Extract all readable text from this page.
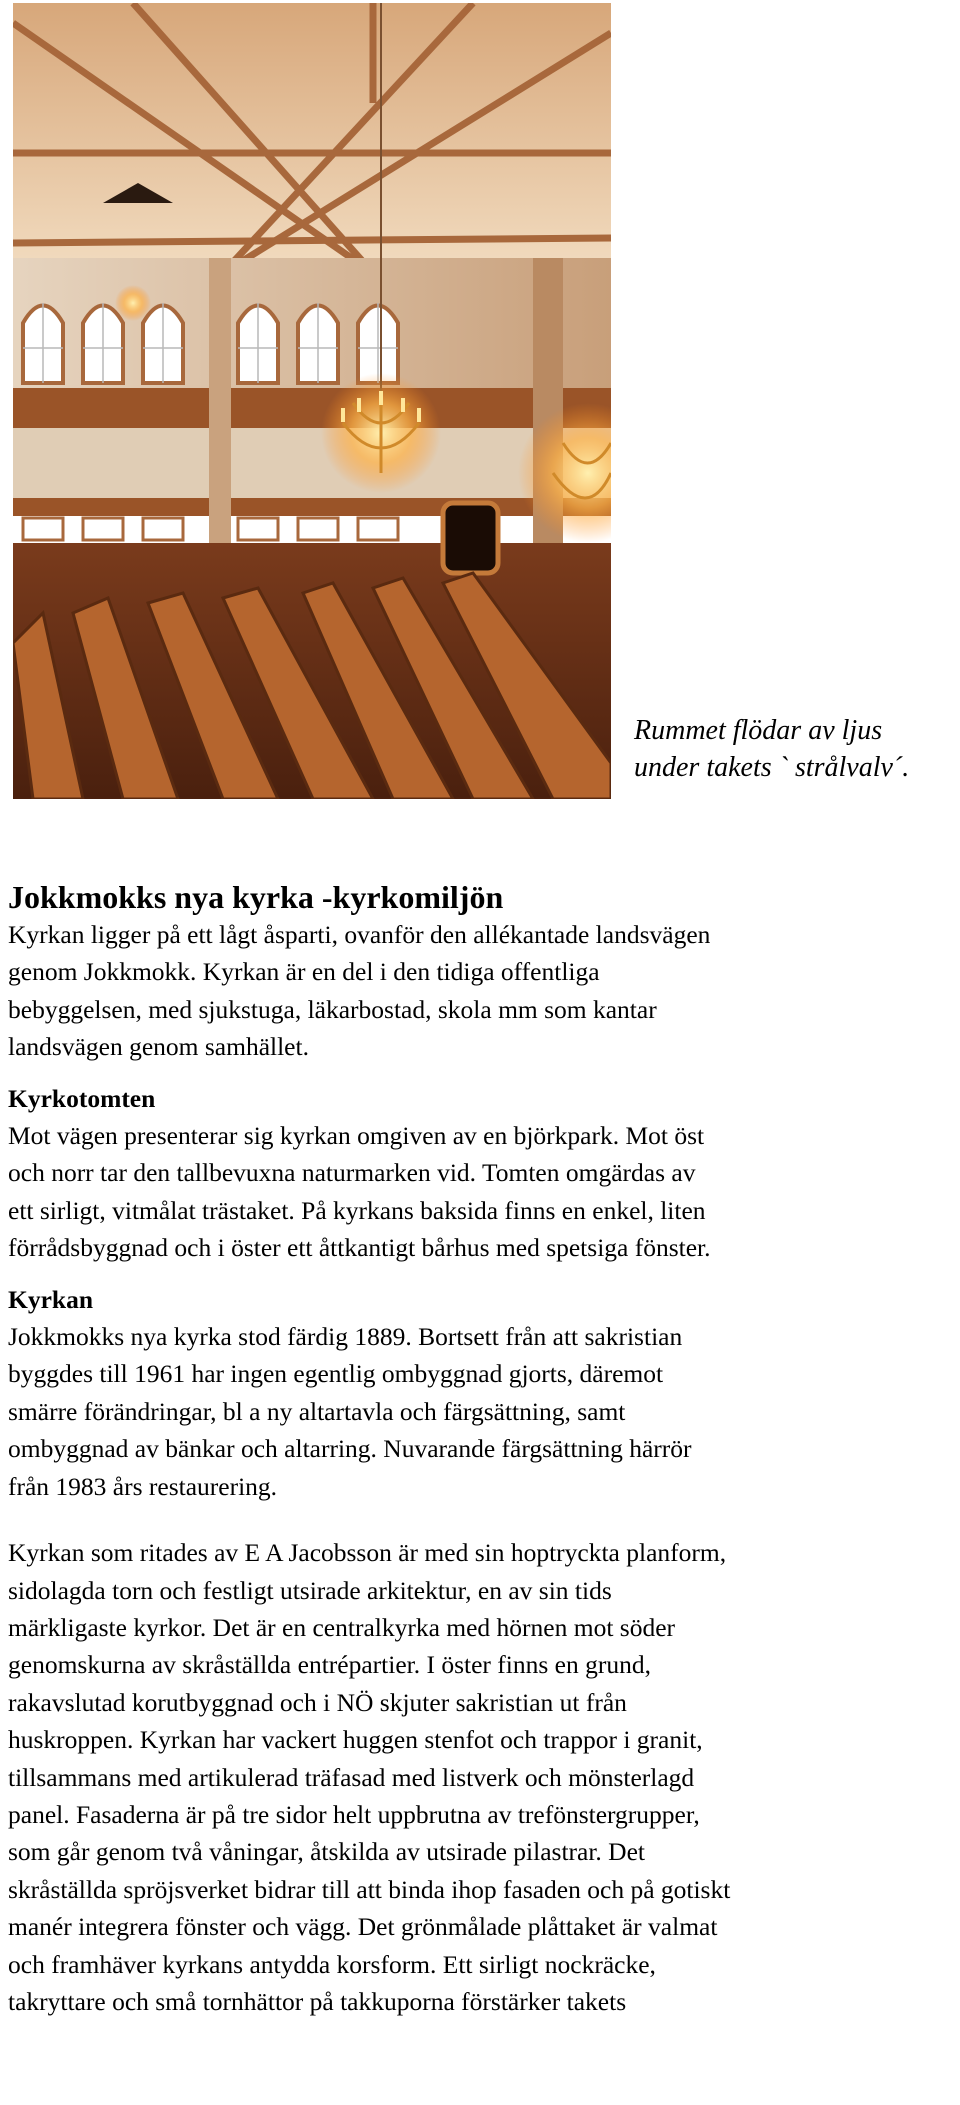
Rummet flödar av ljus
under takets ` strålvalv´.
Jokkmokks nya kyrka -kyrkomiljön

Kyrkan ligger på ett lågt åsparti, ovanför den allékantade landsvägen
genom Jokkmokk. Kyrkan är en del i den tidiga offentliga
bebyggelsen, med sjukstuga, läkarbostad, skola mm som kantar
landsvägen genom samhället.

Kyrkotomten

Mot vägen presenterar sig kyrkan omgiven av en björkpark. Mot öst
och norr tar den tallbevuxna naturmarken vid. Tomten omgärdas av
ett sirligt, vitmålat trästaket. På kyrkans baksida finns en enkel, liten
förrådsbyggnad och i öster ett åttkantigt bårhus med spetsiga fönster.

Kyrkan

Jokkmokks nya kyrka stod färdig 1889. Bortsett från att sakristian
byggdes till 1961 har ingen egentlig ombyggnad gjorts, däremot
smärre förändringar, bl a ny altartavla och färgsättning, samt
ombyggnad av bänkar och altarring. Nuvarande färgsättning härrör
från 1983 års restaurering.

Kyrkan som ritades av E A Jacobsson är med sin hoptryckta planform,
sidolagda torn och festligt utsirade arkitektur, en av sin tids
märkligaste kyrkor. Det är en centralkyrka med hörnen mot söder
genomskurna av skråställda entrépartier. I öster finns en grund,
rakavslutad korutbyggnad och i NÖ skjuter sakristian ut från
huskroppen. Kyrkan har vackert huggen stenfot och trappor i granit,
tillsammans med artikulerad träfasad med listverk och mönsterlagd
panel. Fasaderna är på tre sidor helt uppbrutna av trefönstergrupper,
som går genom två våningar, åtskilda av utsirade pilastrar. Det
skråställda spröjsverket bidrar till att binda ihop fasaden och på gotiskt
manér integrera fönster och vägg. Det grönmålade plåttaket är valmat
och framhäver kyrkans antydda korsform. Ett sirligt nockräcke,
takryttare och små tornhättor på takkuporna förstärker takets
